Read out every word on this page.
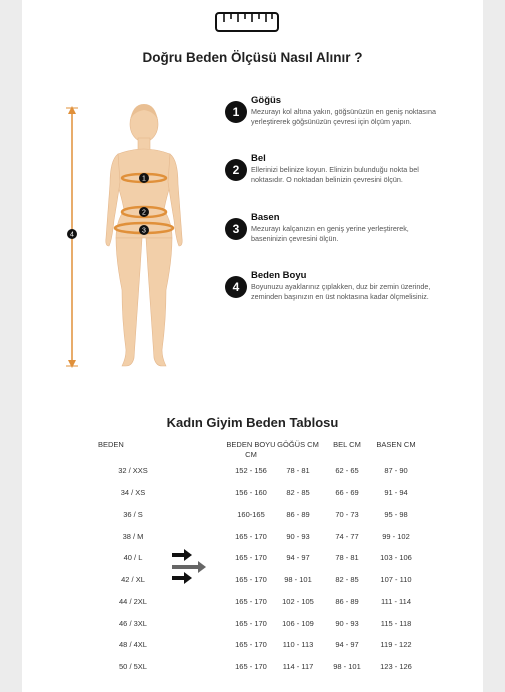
Doğru Beden Ölçüsü Nasıl Alınır ?
1
2
3
4
1
Göğüs
Mezurayı kol altına yakın, göğsünüzün en geniş noktasına
yerleştirerek göğsünüzün çevresi için ölçüm yapın.
2
Bel
Ellerinizi belinize koyun. Elinizin bulunduğu nokta bel
noktasıdır. O noktadan belinizin çevresini ölçün.
3
Basen
Mezurayı kalçanızın en geniş yerine yerleştirerek,
baseninizin çevresini ölçün.
4
Beden Boyu
Boyunuzu ayaklarınız çıplakken, duz bir zemin üzerinde,
zeminden başınızın en üst noktasına kadar ölçmelisiniz.
Kadın Giyim Beden Tablosu
BEDEN	BEDEN BOYU
CM
GÖĞÜS CM	BEL CM	BASEN CM
32 / XXS	152 - 156	78 - 81	62 - 65	87 - 90
34 / XS	156 - 160	82 - 85	66 - 69	91 - 94
36 / S	160-165	86 - 89	70 - 73	95 - 98
38 / M	165 - 170	90 - 93	74 - 77	99 - 102
40 / L	165 - 170	94 - 97	78 - 81	103 - 106
42 / XL	165 - 170	98 - 101	82 - 85	107 - 110
44 / 2XL	165 - 170	102 - 105	86 - 89	111 - 114
46 / 3XL	165 - 170	106 - 109	90 - 93	115 - 118
48 / 4XL	165 - 170	110 - 113	94 - 97	119 - 122
50 / 5XL	165 - 170	114 - 117	98 - 101	123 - 126
